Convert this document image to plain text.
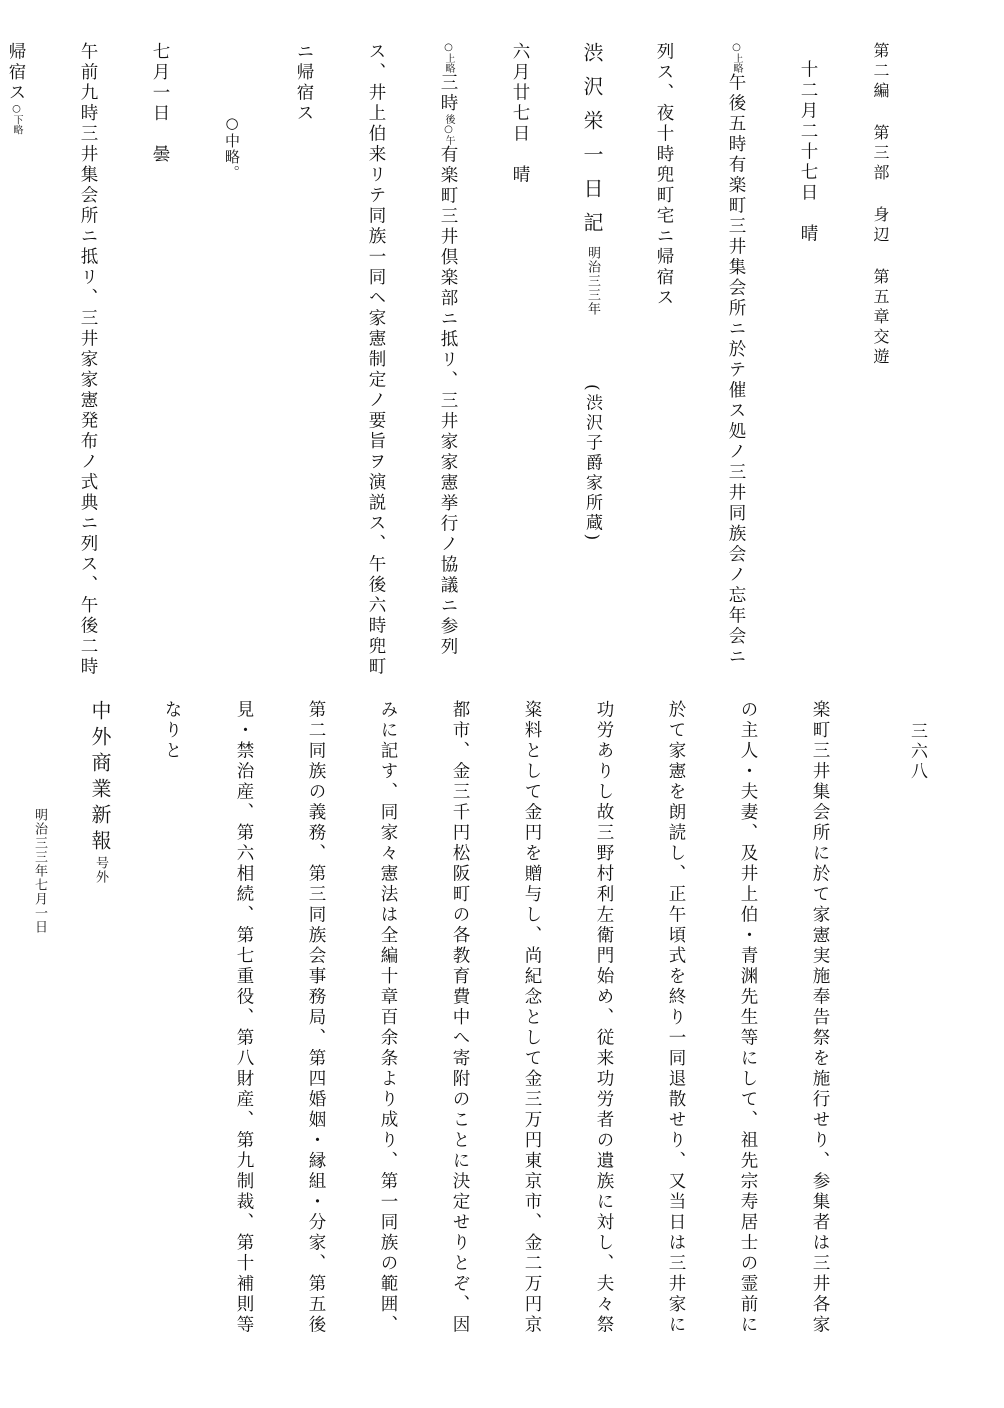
第二編第三部身辺第五章交遊

十二月二十七日　晴

○上略午後五時有楽町三井集会所ニ於テ催ス処ノ三井同族会ノ忘年会ニ

列ス、夜十時兜町宅ニ帰宿ス

渋沢栄一日記明治三三年　　(渋沢子爵家所蔵)

六月廿七日　晴

○上略三時後○午有楽町三井倶楽部ニ抵リ、三井家家憲挙行ノ協議ニ参列

ス、井上伯来リテ同族一同ヘ家憲制定ノ要旨ヲ演説ス、午後六時兜町

ニ帰宿ス

○中略。

七月一日　曇

午前九時三井集会所ニ抵リ、三井家家憲発布ノ式典ニ列ス、午後二時

帰宿ス○下略

三六八

楽町三井集会所に於て家憲実施奉告祭を施行せり、参集者は三井各家

の主人・夫妻、及井上伯・青渊先生等にして、祖先宗寿居士の霊前に

於て家憲を朗読し、正午頃式を終り一同退散せり、又当日は三井家に

功労ありし故三野村利左衛門始め、従来功労者の遺族に対し、夫々祭

粢料として金円を贈与し、尚紀念として金三万円東京市、金二万円京

都市、金三千円松阪町の各教育費中へ寄附のことに決定せりとぞ、因

みに記す、同家々憲法は全編十章百余条より成り、第一同族の範囲、

第二同族の義務、第三同族会事務局、第四婚姻・縁組・分家、第五後

見・禁治産、第六相続、第七重役、第八財産、第九制裁、第十補則等

なりと

中外商業新報号外

明治三三年七月一日
